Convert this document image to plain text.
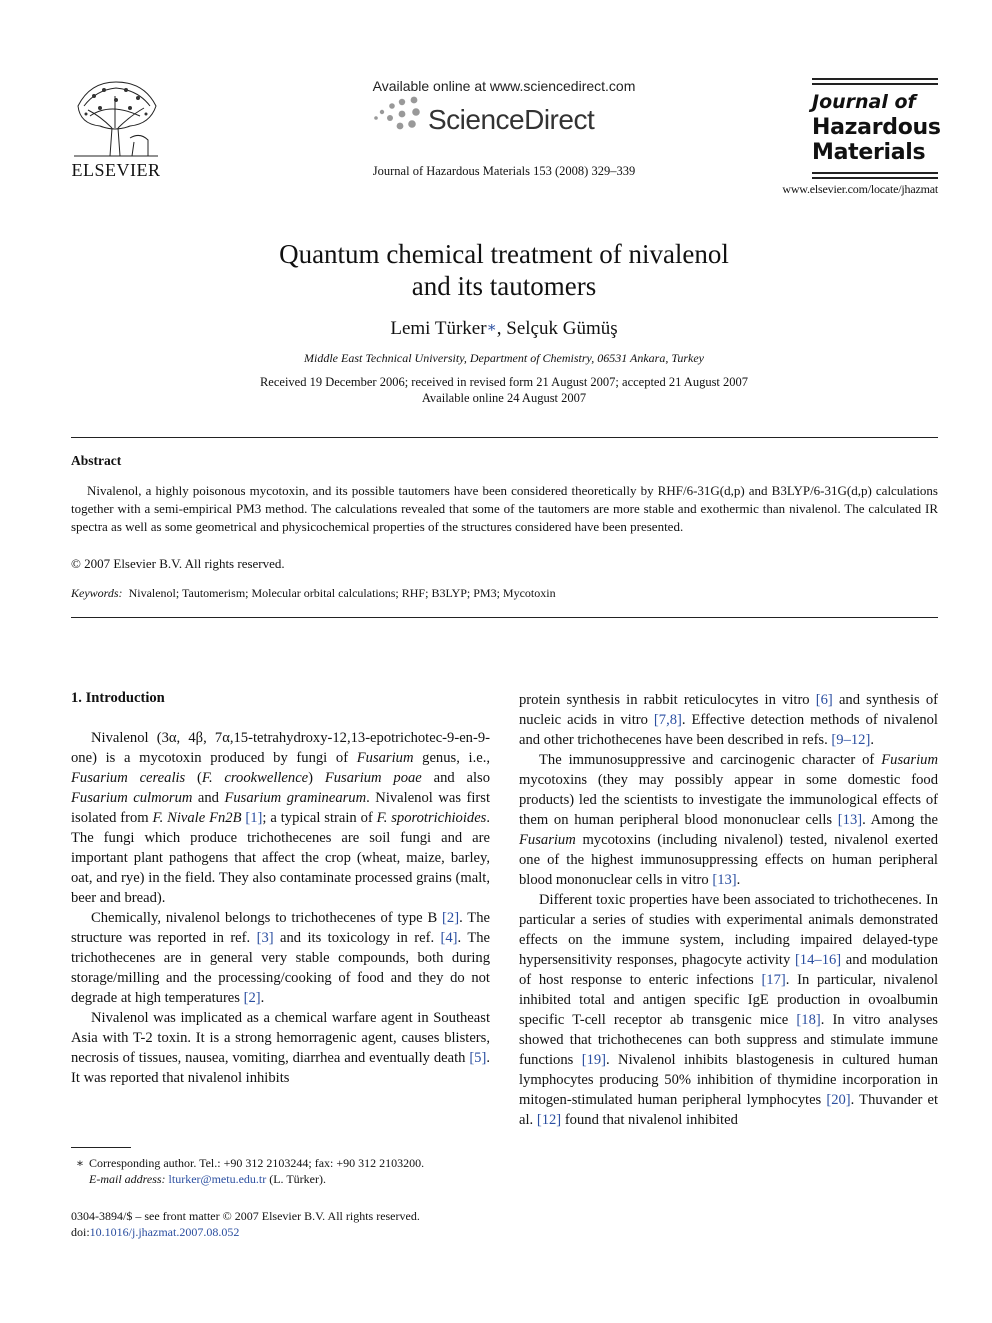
ELSEVIER
Available online at www.sciencedirect.com
ScienceDirect
Journal of Hazardous Materials 153 (2008) 329–339
Journal of
Hazardous
Materials
www.elsevier.com/locate/jhazmat
Quantum chemical treatment of nivalenol
and its tautomers
Lemi Türker∗, Selçuk Gümüş
Middle East Technical University, Department of Chemistry, 06531 Ankara, Turkey
Received 19 December 2006; received in revised form 21 August 2007; accepted 21 August 2007
Available online 24 August 2007
Abstract
Nivalenol, a highly poisonous mycotoxin, and its possible tautomers have been considered theoretically by RHF/6-31G(d,p) and B3LYP/6-31G(d,p) calculations together with a semi-empirical PM3 method. The calculations revealed that some of the tautomers are more stable and exothermic than nivalenol. The calculated IR spectra as well as some geometrical and physicochemical properties of the structures considered have been presented.
© 2007 Elsevier B.V. All rights reserved.
Keywords: Nivalenol; Tautomerism; Molecular orbital calculations; RHF; B3LYP; PM3; Mycotoxin
1. Introduction

Nivalenol (3α, 4β, 7α,15-tetrahydroxy-12,13-epotrichotec-9-en-9-one) is a mycotoxin produced by fungi of Fusarium genus, i.e., Fusarium cerealis (F. crookwellence) Fusarium poae and also Fusarium culmorum and Fusarium graminearum. Nivalenol was first isolated from F. Nivale Fn2B [1]; a typical strain of F. sporotrichioides. The fungi which produce trichothecenes are soil fungi and are important plant pathogens that affect the crop (wheat, maize, barley, oat, and rye) in the field. They also contaminate processed grains (malt, beer and bread).

Chemically, nivalenol belongs to trichothecenes of type B [2]. The structure was reported in ref. [3] and its toxicology in ref. [4]. The trichothecenes are in general very stable compounds, both during storage/milling and the processing/cooking of food and they do not degrade at high temperatures [2].

Nivalenol was implicated as a chemical warfare agent in Southeast Asia with T-2 toxin. It is a strong hemorragenic agent, causes blisters, necrosis of tissues, nausea, vomiting, diarrhea and eventually death [5]. It was reported that nivalenol inhibits

∗ Corresponding author. Tel.: +90 312 2103244; fax: +90 312 2103200.
E-mail address: lturker@metu.edu.tr (L. Türker).
0304-3894/$ – see front matter © 2007 Elsevier B.V. All rights reserved.
doi:10.1016/j.jhazmat.2007.08.052

protein synthesis in rabbit reticulocytes in vitro [6] and synthesis of nucleic acids in vitro [7,8]. Effective detection methods of nivalenol and other trichothecenes have been described in refs. [9–12].

The immunosuppressive and carcinogenic character of Fusarium mycotoxins (they may possibly appear in some domestic food products) led the scientists to investigate the immunological effects of them on human peripheral blood mononuclear cells [13]. Among the Fusarium mycotoxins (including nivalenol) tested, nivalenol exerted one of the highest immunosuppressing effects on human peripheral blood mononuclear cells in vitro [13].

Different toxic properties have been associated to trichothecenes. In particular a series of studies with experimental animals demonstrated effects on the immune system, including impaired delayed-type hypersensitivity responses, phagocyte activity [14–16] and modulation of host response to enteric infections [17]. In particular, nivalenol inhibited total and antigen specific IgE production in ovoalbumin specific T-cell receptor ab transgenic mice [18]. In vitro analyses showed that trichothecenes can both suppress and stimulate immune functions [19]. Nivalenol inhibits blastogenesis in cultured human lymphocytes producing 50% inhibition of thymidine incorporation in mitogen-stimulated human peripheral lymphocytes [20]. Thuvander et al. [12] found that nivalenol inhibited
